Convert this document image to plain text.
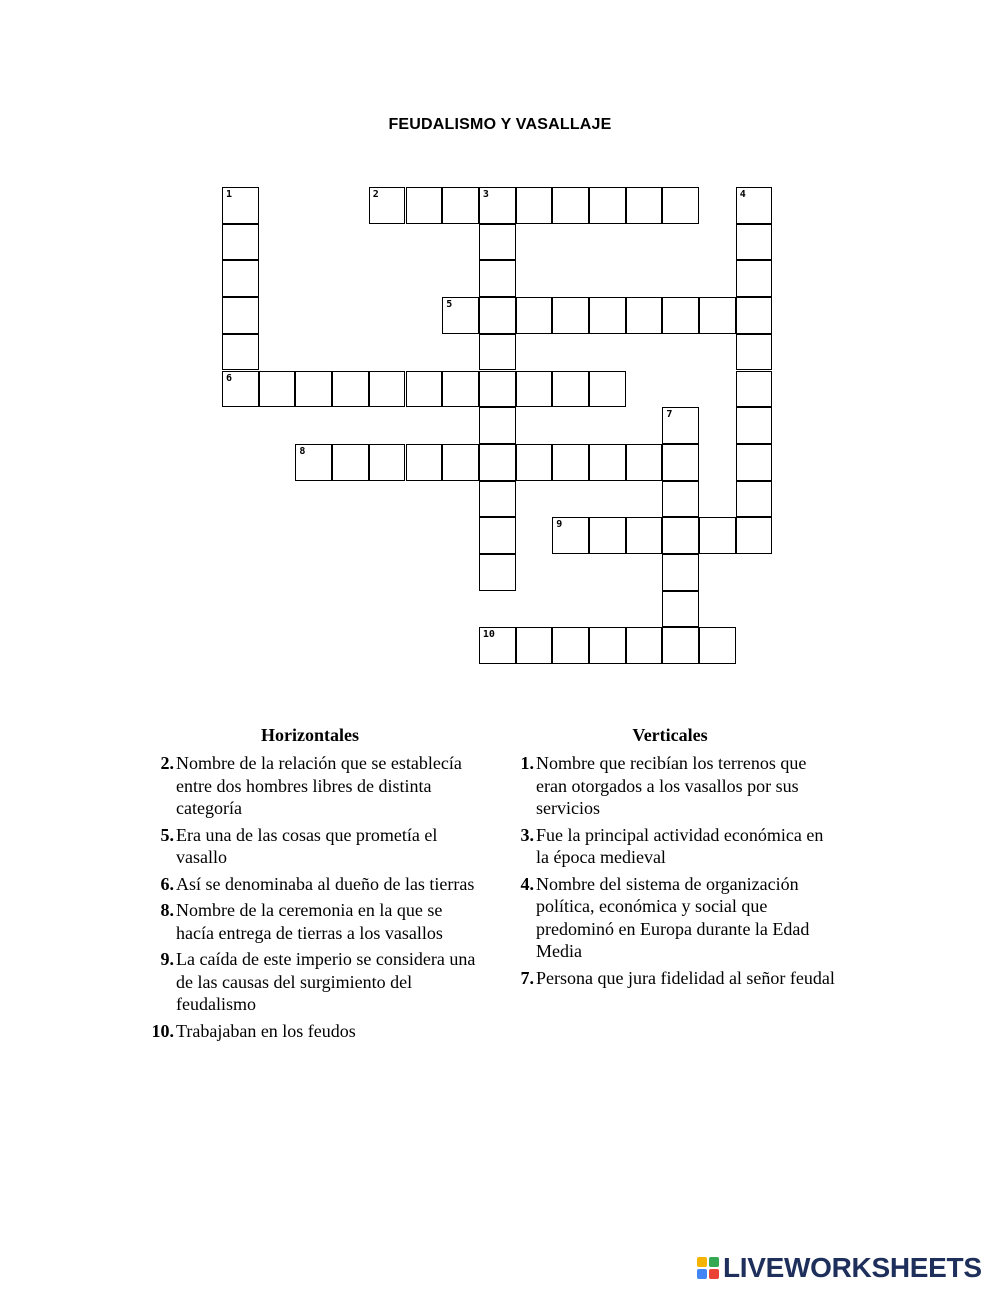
FEUDALISMO Y VASALLAJE
2	3
5
6
8
9
10
1	4
7
Horizontales
2. Nombre de la relación que se establecía entre dos hombres libres de distinta categoría
5. Era una de las cosas que prometía el vasallo
6. Así se denominaba al dueño de las tierras
8. Nombre de la ceremonia en la que se hacía entrega de tierras a los vasallos
9. La caída de este imperio se considera una de las causas del surgimiento del feudalismo
10. Trabajaban en los feudos
Verticales
1. Nombre que recibían los terrenos que eran otorgados a los vasallos por sus servicios
3. Fue la principal actividad económica en la época medieval
4. Nombre del sistema de organización política, económica y social que predominó en Europa durante la Edad Media
7. Persona que jura fidelidad al señor feudal
LIVEWORKSHEETS
